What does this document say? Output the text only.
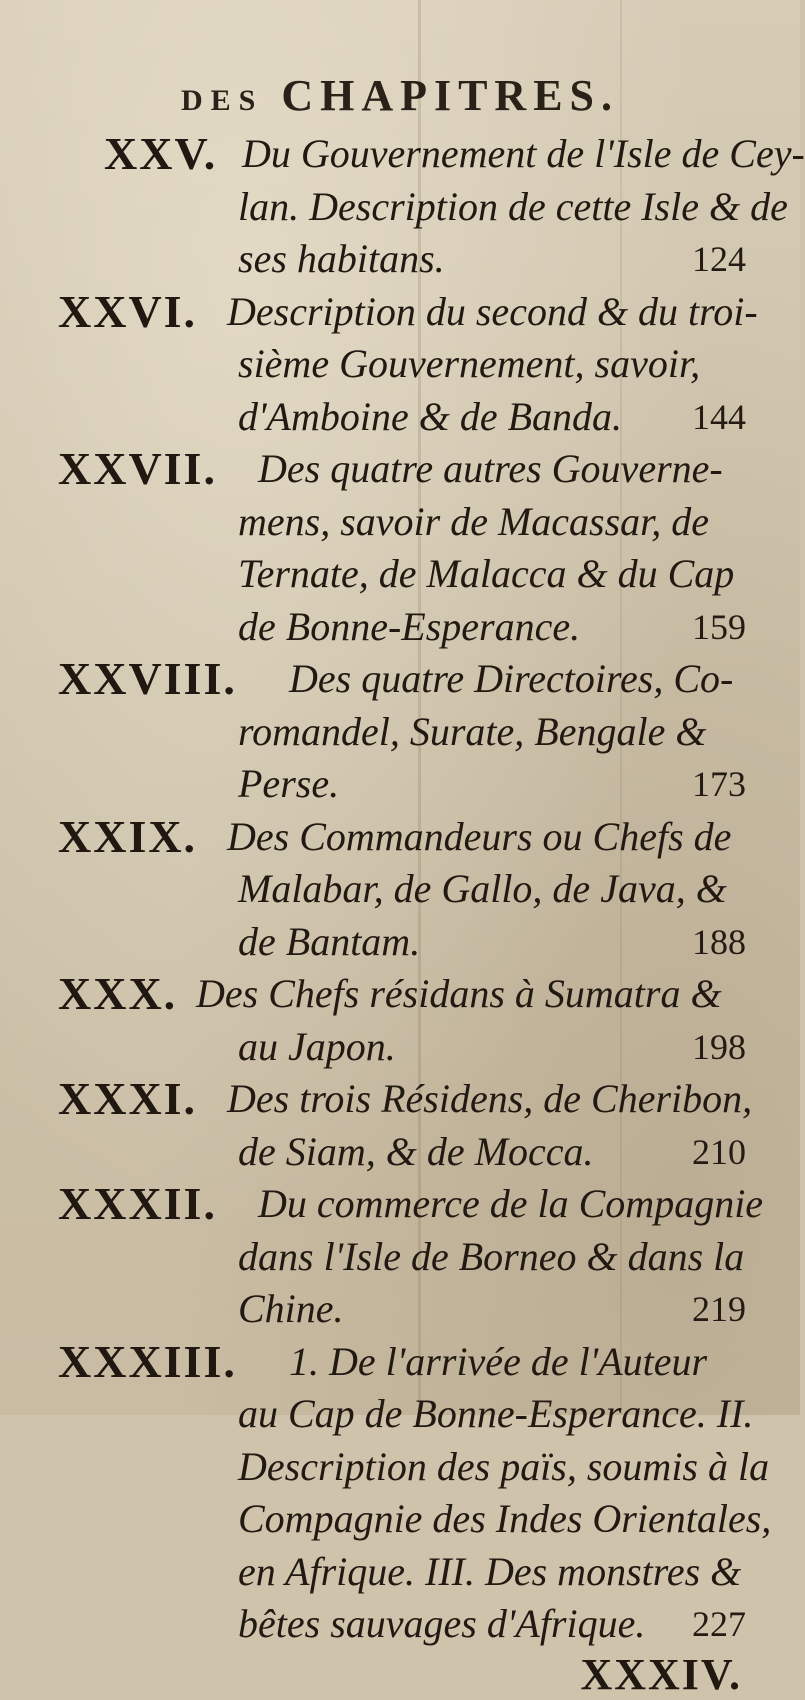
DES CHAPITRES.
XXV. Du Gouvernement de l'Isle de Cey-
lan. Description de cette Isle & de
ses habitans.	124
XXVI. Description du second & du troi-
sième Gouvernement, savoir,
d'Amboine & de Banda. 144
XXVII. Des quatre autres Gouverne-
mens, savoir de Macassar, de
Ternate, de Malacca & du Cap
de Bonne-Esperance.	159
XXVIII. Des quatre Directoires, Co-
romandel, Surate, Bengale &
Perse.	173
XXIX. Des Commandeurs ou Chefs de
Malabar, de Gallo, de Java, &
de Bantam.	188
XXX. Des Chefs résidans à Sumatra &
au Japon.	198
XXXI. Des trois Résidens, de Cheribon,
de Siam, & de Mocca.	210
XXXII. Du commerce de la Compagnie
dans l'Isle de Borneo & dans la
Chine.	219
XXXIII. 1. De l'arrivée de l'Auteur
au Cap de Bonne-Esperance. II.
Description des païs, soumis à la
Compagnie des Indes Orientales,
en Afrique. III. Des monstres &
bêtes sauvages d'Afrique. 227
XXXIV.
